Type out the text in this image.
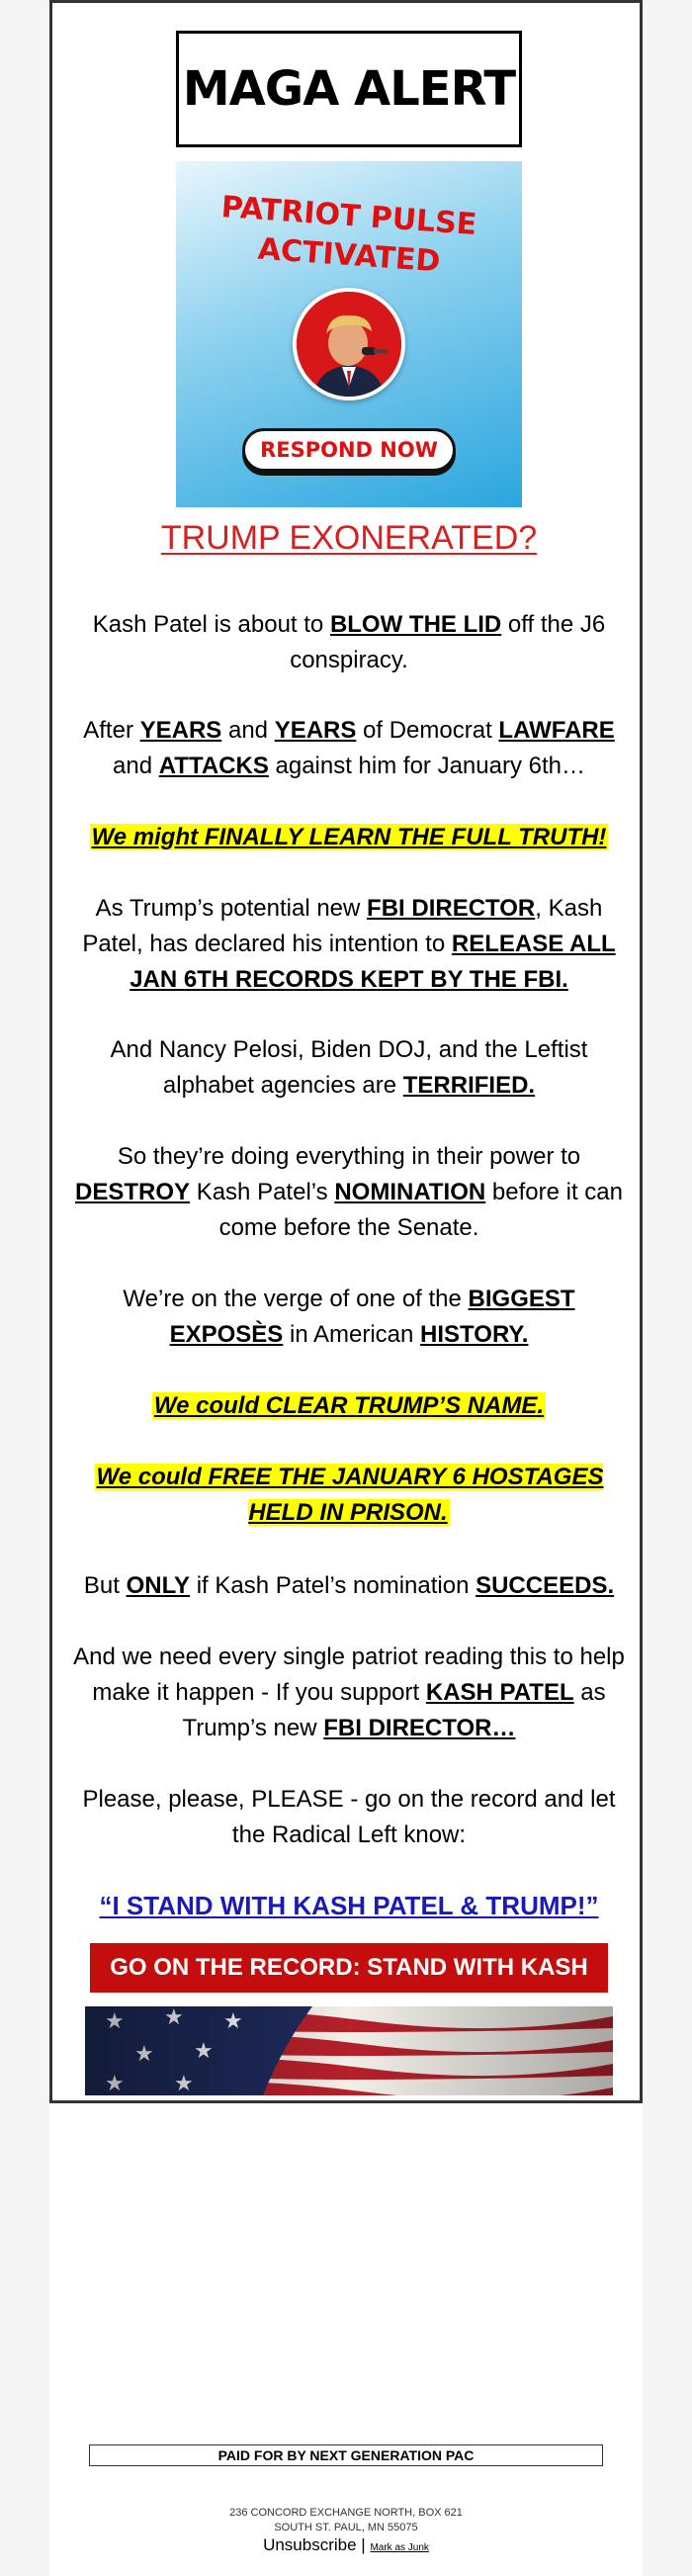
MAGA ALERT
PATRIOT PULSE
ACTIVATED
RESPOND NOW
TRUMP EXONERATED?
Kash Patel is about to BLOW THE LID off the J6 conspiracy.
After YEARS and YEARS of Democrat LAWFARE and ATTACKS against him for January 6th…
We might FINALLY LEARN THE FULL TRUTH!
As Trump’s potential new FBI DIRECTOR, Kash Patel, has declared his intention to RELEASE ALL JAN 6TH RECORDS KEPT BY THE FBI.
And Nancy Pelosi, Biden DOJ, and the Leftist alphabet agencies are TERRIFIED.
So they’re doing everything in their power to DESTROY Kash Patel’s NOMINATION before it can come before the Senate.
We’re on the verge of one of the BIGGEST EXPOSÈS in American HISTORY.
We could CLEAR TRUMP’S NAME.
We could FREE THE JANUARY 6 HOSTAGES HELD IN PRISON.
But ONLY if Kash Patel’s nomination SUCCEEDS.
And we need every single patriot reading this to help make it happen - If you support KASH PATEL as Trump’s new FBI DIRECTOR…
Please, please, PLEASE - go on the record and let the Radical Left know:
“I STAND WITH KASH PATEL & TRUMP!”
GO ON THE RECORD: STAND WITH KASH
PAID FOR BY NEXT GENERATION PAC
236 CONCORD EXCHANGE NORTH, BOX 621
SOUTH ST. PAUL, MN 55075
Unsubscribe | Mark as Junk
